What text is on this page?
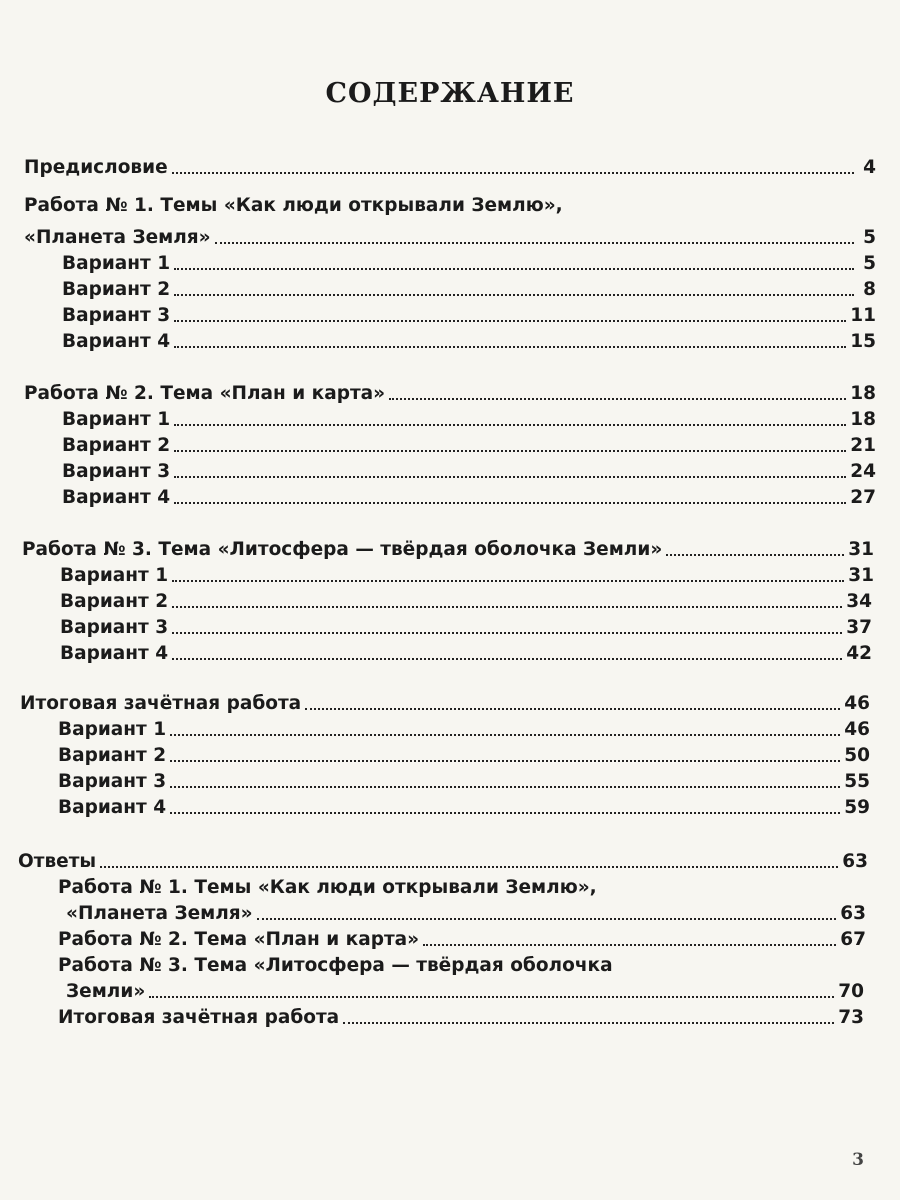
СОДЕРЖАНИЕ
Предисловие	4
Работа № 1. Темы «Как люди открывали Землю»,
«Планета Земля»	5
Вариант 1	5
Вариант 2	8
Вариант 3	11
Вариант 4	15
Работа № 2. Тема «План и карта»	18
Вариант 1	18
Вариант 2	21
Вариант 3	24
Вариант 4	27
Работа № 3. Тема «Литосфера — твёрдая оболочка Земли»	31
Вариант 1	31
Вариант 2	34
Вариант 3	37
Вариант 4	42
Итоговая зачётная работа	46
Вариант 1	46
Вариант 2	50
Вариант 3	55
Вариант 4	59
Ответы	63
Работа № 1. Темы «Как люди открывали Землю»,
«Планета Земля»	63
Работа № 2. Тема «План и карта»	67
Работа № 3. Тема «Литосфера — твёрдая оболочка
Земли»	70
Итоговая зачётная работа	73
3
